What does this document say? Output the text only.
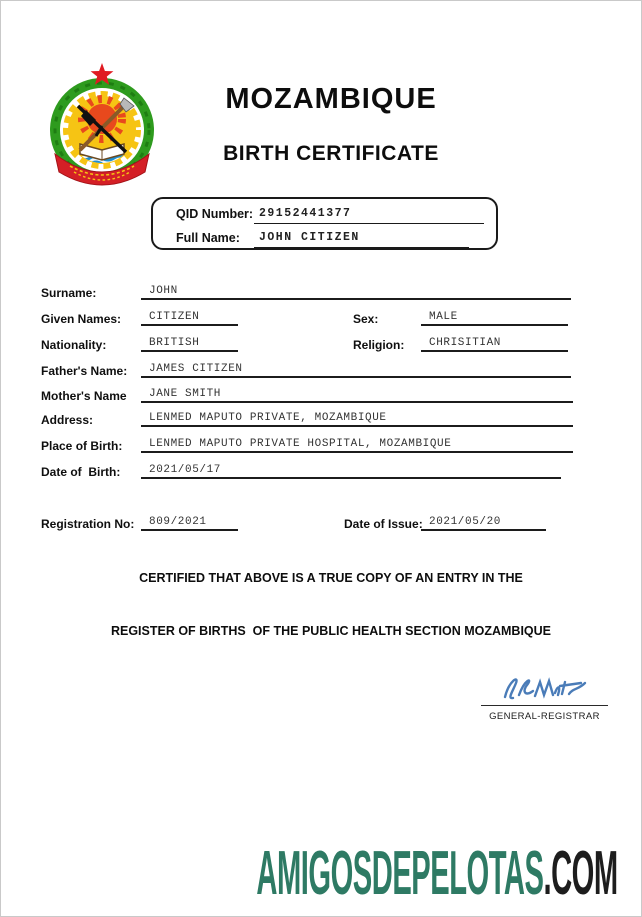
MOZAMBIQUE
BIRTH CERTIFICATE
QID Number: 29152441377
Full Name: JOHN CITIZEN
Surname:	JOHN
Given Names:	CITIZEN	Sex:	MALE
Nationality:	BRITISH	Religion: CHRISITIAN
Father's Name: JAMES CITIZEN
Mother's Name JANE SMITH
Address:	LENMED MAPUTO PRIVATE, MOZAMBIQUE
Place of Birth: LENMED MAPUTO PRIVATE HOSPITAL, MOZAMBIQUE
Date of  Birth:	2021/05/17
Registration No: 809/2021	Date of Issue: 2021/05/20
CERTIFIED THAT ABOVE IS A TRUE COPY OF AN ENTRY IN THE
REGISTER OF BIRTHS  OF THE PUBLIC HEALTH SECTION MOZAMBIQUE
GENERAL-REGISTRAR
AMIGOSDEPELOTAS.COM
